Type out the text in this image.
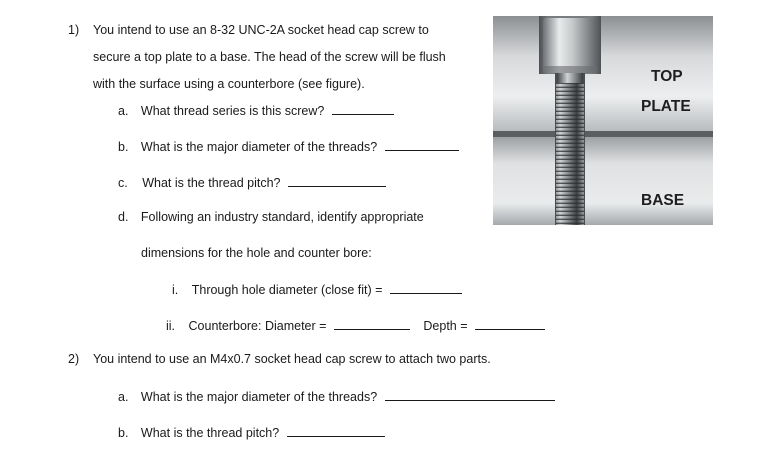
1) You intend to use an 8-32 UNC-2A socket head cap screw to
secure a top plate to a base. The head of the screw will be flush
with the surface using a counterbore (see figure).
a. What thread series is this screw?
b. What is the major diameter of the threads?
c. What is the thread pitch?
d. Following an industry standard, identify appropriate
dimensions for the hole and counter bore:
i. Through hole diameter (close fit) =
ii. Counterbore: Diameter =	Depth =
2) You intend to use an M4x0.7 socket head cap screw to attach two parts.
a. What is the major diameter of the threads?
b. What is the thread pitch?
TOP
PLATE
BASE
